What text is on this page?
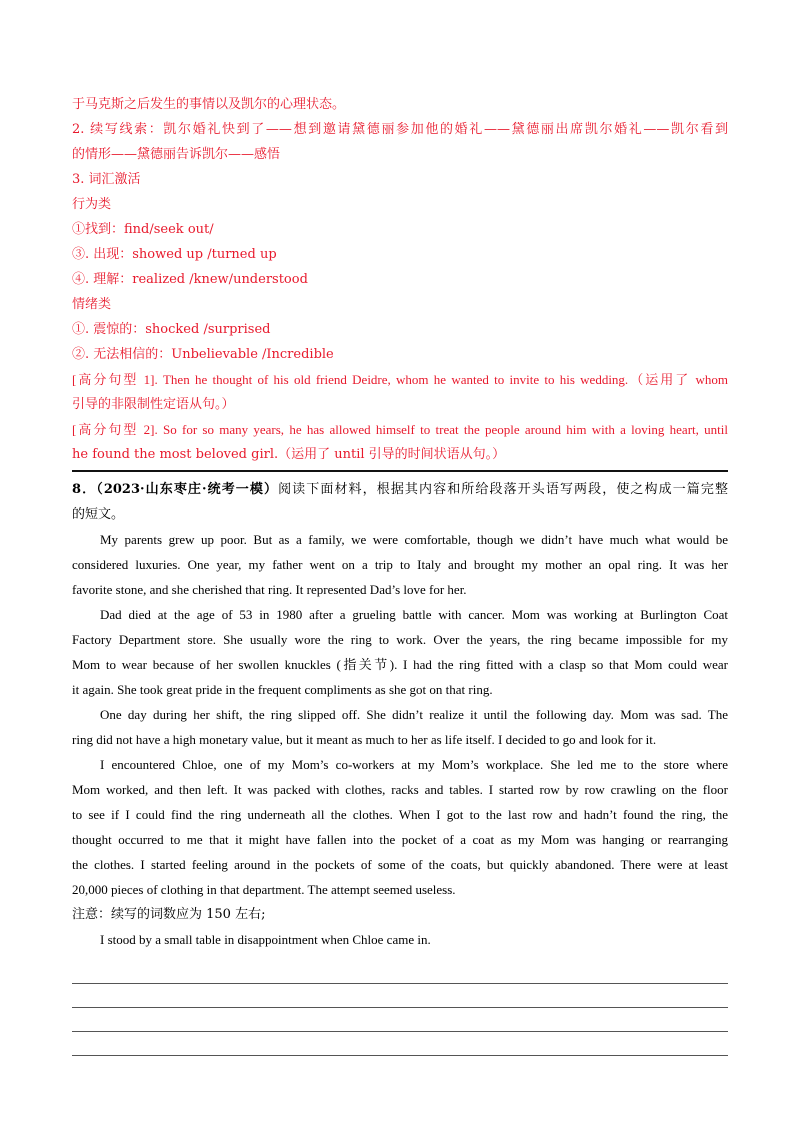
于马克斯之后发生的事情以及凯尔的心理状态。
2. 续写线索：凯尔婚礼快到了——想到邀请黛德丽参加他的婚礼——黛德丽出席凯尔婚礼——凯尔看到
的情形——黛德丽告诉凯尔——感悟
3. 词汇激活
行为类
①找到：find/seek out/
③. 出现：showed up /turned up
④. 理解：realized /knew/understood
情绪类
①. 震惊的：shocked /surprised
②. 无法相信的：Unbelievable /Incredible
[高分句型 1]. Then he thought of his old friend Deidre, whom he wanted to invite to his wedding.（运用了 whom
引导的非限制性定语从句。）
[高分句型 2]. So for so many years, he has allowed himself to treat the people around him with a loving heart, until
he found the most beloved girl.（运用了 until 引导的时间状语从句。）
8．（2023·山东枣庄·统考一模）阅读下面材料，根据其内容和所给段落开头语写两段，使之构成一篇完整
的短文。
My parents grew up poor. But as a family, we were comfortable, though we didn’t have much what would be
considered luxuries. One year, my father went on a trip to Italy and brought my mother an opal ring. It was her
favorite stone, and she cherished that ring. It represented Dad’s love for her.
Dad died at the age of 53 in 1980 after a grueling battle with cancer. Mom was working at Burlington Coat
Factory Department store. She usually wore the ring to work. Over the years, the ring became impossible for my
Mom to wear because of her swollen knuckles (指关节). I had the ring fitted with a clasp so that Mom could wear
it again. She took great pride in the frequent compliments as she got on that ring.
One day during her shift, the ring slipped off. She didn’t realize it until the following day. Mom was sad. The
ring did not have a high monetary value, but it meant as much to her as life itself. I decided to go and look for it.
I encountered Chloe, one of my Mom’s co-workers at my Mom’s workplace. She led me to the store where
Mom worked, and then left. It was packed with clothes, racks and tables. I started row by row crawling on the floor
to see if I could find the ring underneath all the clothes. When I got to the last row and hadn’t found the ring, the
thought occurred to me that it might have fallen into the pocket of a coat as my Mom was hanging or rearranging
the clothes. I started feeling around in the pockets of some of the coats, but quickly abandoned. There were at least
20,000 pieces of clothing in that department. The attempt seemed useless.
注意：续写的词数应为 150 左右;
I stood by a small table in disappointment when Chloe came in.
